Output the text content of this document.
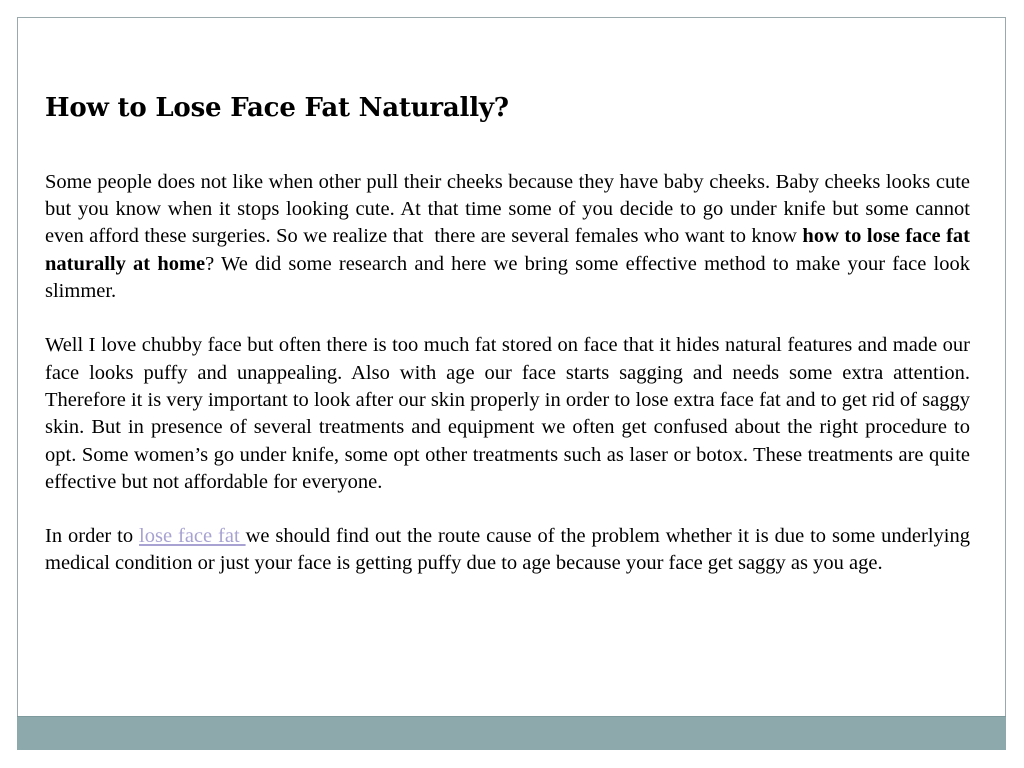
How to Lose Face Fat Naturally?

Some people does not like when other pull their cheeks because they have baby cheeks. Baby cheeks looks cute but you know when it stops looking cute. At that time some of you decide to go under knife but some cannot even afford these surgeries. So we realize that  there are several females who want to know how to lose face fat naturally at home? We did some research and here we bring some effective method to make your face look slimmer.

Well I love chubby face but often there is too much fat stored on face that it hides natural features and made our face looks puffy and unappealing. Also with age our face starts sagging and needs some extra attention. Therefore it is very important to look after our skin properly in order to lose extra face fat and to get rid of saggy skin. But in presence of several treatments and equipment we often get confused about the right procedure to opt. Some women’s go under knife, some opt other treatments such as laser or botox. These treatments are quite effective but not affordable for everyone.

In order to lose face fat we should find out the route cause of the problem whether it is due to some underlying medical condition or just your face is getting puffy due to age because your face get saggy as you age.
